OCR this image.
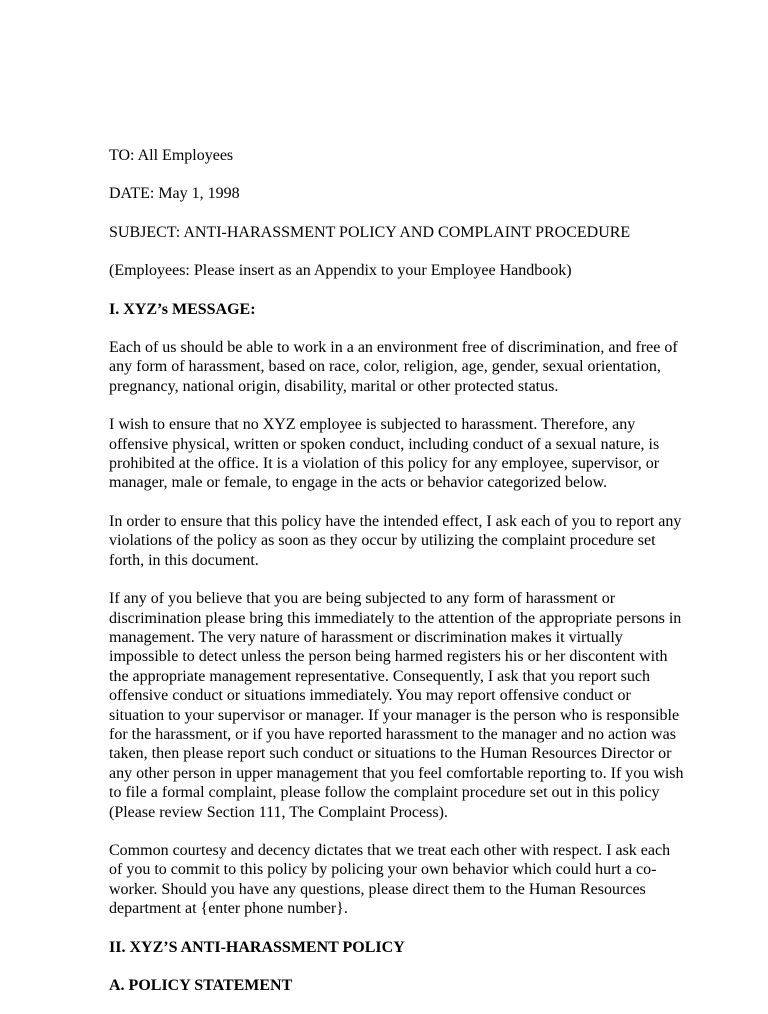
TO: All Employees

DATE: May 1, 1998

SUBJECT: ANTI-HARASSMENT POLICY AND COMPLAINT PROCEDURE

(Employees: Please insert as an Appendix to your Employee Handbook)

I. XYZ’s MESSAGE:

Each of us should be able to work in a an environment free of discrimination, and free of
any form of harassment, based on race, color, religion, age, gender, sexual orientation,
pregnancy, national origin, disability, marital or other protected status.

I wish to ensure that no XYZ employee is subjected to harassment. Therefore, any
offensive physical, written or spoken conduct, including conduct of a sexual nature, is
prohibited at the office. It is a violation of this policy for any employee, supervisor, or
manager, male or female, to engage in the acts or behavior categorized below.

In order to ensure that this policy have the intended effect, I ask each of you to report any
violations of the policy as soon as they occur by utilizing the complaint procedure set
forth, in this document.

If any of you believe that you are being subjected to any form of harassment or
discrimination please bring this immediately to the attention of the appropriate persons in
management. The very nature of harassment or discrimination makes it virtually
impossible to detect unless the person being harmed registers his or her discontent with
the appropriate management representative. Consequently, I ask that you report such
offensive conduct or situations immediately. You may report offensive conduct or
situation to your supervisor or manager. If your manager is the person who is responsible
for the harassment, or if you have reported harassment to the manager and no action was
taken, then please report such conduct or situations to the Human Resources Director or
any other person in upper management that you feel comfortable reporting to. If you wish
to file a formal complaint, please follow the complaint procedure set out in this policy
(Please review Section 111, The Complaint Process).

Common courtesy and decency dictates that we treat each other with respect. I ask each
of you to commit to this policy by policing your own behavior which could hurt a co-
worker. Should you have any questions, please direct them to the Human Resources
department at {enter phone number}.

II. XYZ’S ANTI-HARASSMENT POLICY

A. POLICY STATEMENT
